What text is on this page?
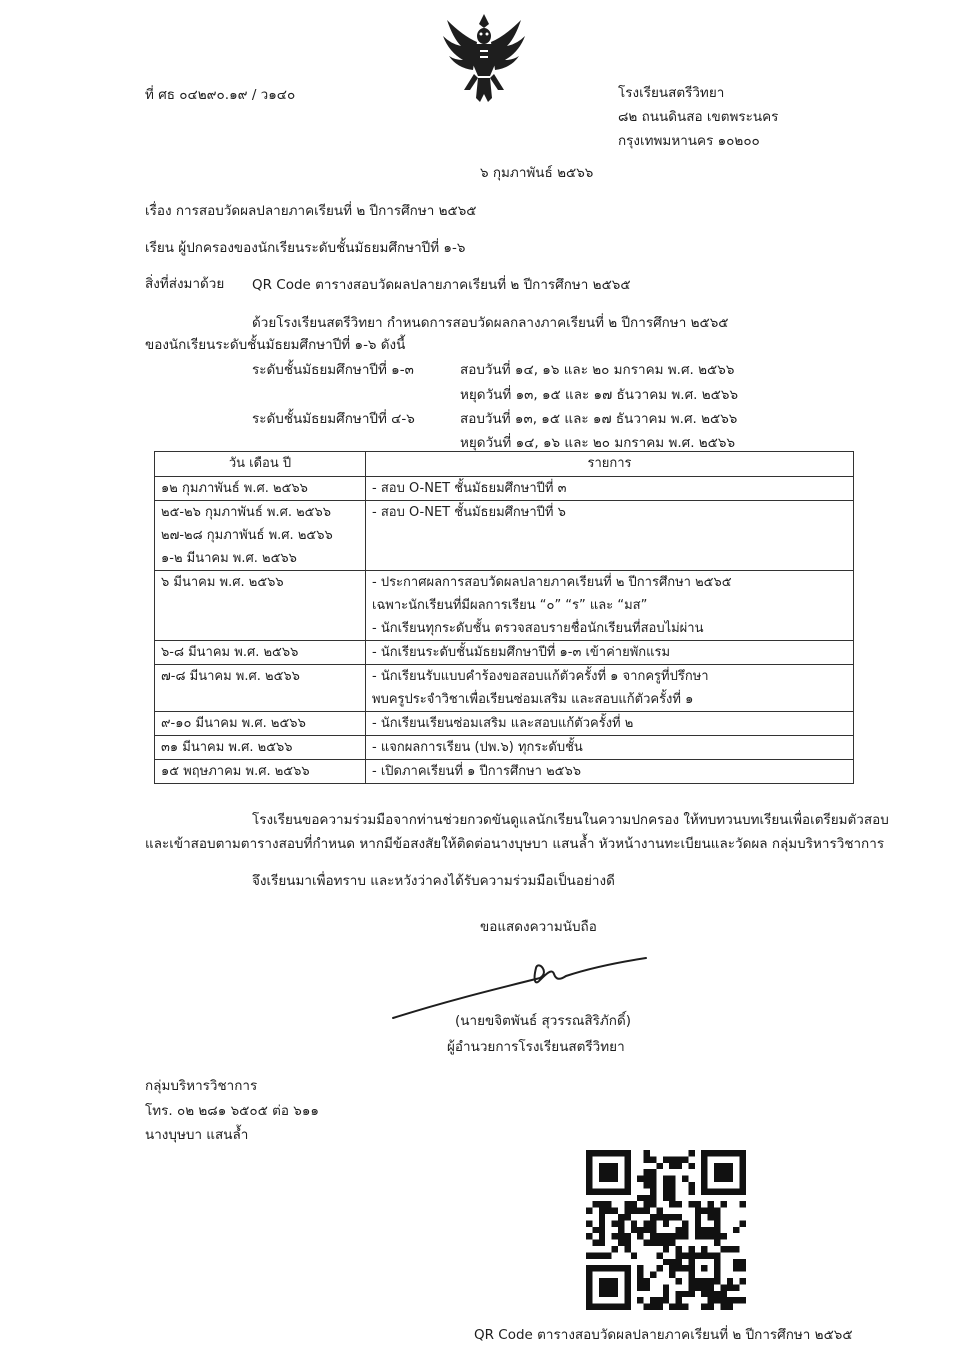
ที่ ศธ ๐๔๒๙๐.๑๙ / ว๑๔๐	โรงเรียนสตรีวิทยา
๘๒ ถนนดินสอ เขตพระนคร
กรุงเทพมหานคร ๑๐๒๐๐
๖ กุมภาพันธ์ ๒๕๖๖
เรื่อง การสอบวัดผลปลายภาคเรียนที่ ๒ ปีการศึกษา ๒๕๖๕
เรียน ผู้ปกครองของนักเรียนระดับชั้นมัธยมศึกษาปีที่ ๑-๖
สิ่งที่ส่งมาด้วย QR Code ตารางสอบวัดผลปลายภาคเรียนที่ ๒ ปีการศึกษา ๒๕๖๕
ด้วยโรงเรียนสตรีวิทยา กำหนดการสอบวัดผลกลางภาคเรียนที่ ๒ ปีการศึกษา ๒๕๖๕
ของนักเรียนระดับชั้นมัธยมศึกษาปีที่ ๑-๖ ดังนี้
ระดับชั้นมัธยมศึกษาปีที่ ๑-๓	สอบวันที่ ๑๔, ๑๖ และ ๒๐ มกราคม พ.ศ. ๒๕๖๖
หยุดวันที่ ๑๓, ๑๕ และ ๑๗ ธันวาคม พ.ศ. ๒๕๖๖
ระดับชั้นมัธยมศึกษาปีที่ ๔-๖	สอบวันที่ ๑๓, ๑๕ และ ๑๗ ธันวาคม พ.ศ. ๒๕๖๖
หยุดวันที่ ๑๔, ๑๖ และ ๒๐ มกราคม พ.ศ. ๒๕๖๖
วัน เดือน ปี	รายการ

๑๒ กุมภาพันธ์ พ.ศ. ๒๕๖๖	- สอบ O-NET ชั้นมัธยมศึกษาปีที่ ๓

๒๕-๒๖ กุมภาพันธ์ พ.ศ. ๒๕๖๖
๒๗-๒๘ กุมภาพันธ์ พ.ศ. ๒๕๖๖
๑-๒ มีนาคม พ.ศ. ๒๕๖๖	- สอบ O-NET ชั้นมัธยมศึกษาปีที่ ๖

๖ มีนาคม พ.ศ. ๒๕๖๖	- ประกาศผลการสอบวัดผลปลายภาคเรียนที่ ๒ ปีการศึกษา ๒๕๖๕
เฉพาะนักเรียนที่มีผลการเรียน “๐” “ร” และ “มส”
- นักเรียนทุกระดับชั้น ตรวจสอบรายชื่อนักเรียนที่สอบไม่ผ่าน

๖-๘ มีนาคม พ.ศ. ๒๕๖๖	- นักเรียนระดับชั้นมัธยมศึกษาปีที่ ๑-๓ เข้าค่ายพักแรม

๗-๘ มีนาคม พ.ศ. ๒๕๖๖	- นักเรียนรับแบบคำร้องขอสอบแก้ตัวครั้งที่ ๑ จากครูที่ปรึกษา
พบครูประจำวิชาเพื่อเรียนซ่อมเสริม และสอบแก้ตัวครั้งที่ ๑

๙-๑๐ มีนาคม พ.ศ. ๒๕๖๖	- นักเรียนเรียนซ่อมเสริม และสอบแก้ตัวครั้งที่ ๒

๓๑ มีนาคม พ.ศ. ๒๕๖๖	- แจกผลการเรียน (ปพ.๖) ทุกระดับชั้น

๑๕ พฤษภาคม พ.ศ. ๒๕๖๖	- เปิดภาคเรียนที่ ๑ ปีการศึกษา ๒๕๖๖
โรงเรียนขอความร่วมมือจากท่านช่วยกวดขันดูแลนักเรียนในความปกครอง ให้ทบทวนบทเรียนเพื่อเตรียมตัวสอบ
และเข้าสอบตามตารางสอบที่กำหนด หากมีข้อสงสัยให้ติดต่อนางบุษบา แสนล้ำ หัวหน้างานทะเบียนและวัดผล กลุ่มบริหารวิชาการ
จึงเรียนมาเพื่อทราบ และหวังว่าคงได้รับความร่วมมือเป็นอย่างดี
ขอแสดงความนับถือ
(นายขจิตพันธ์ สุวรรณสิริภักดิ์)
ผู้อำนวยการโรงเรียนสตรีวิทยา
กลุ่มบริหารวิชาการ
โทร. ๐๒ ๒๘๑ ๖๕๐๕ ต่อ ๖๑๑
นางบุษบา แสนล้ำ
QR Code ตารางสอบวัดผลปลายภาคเรียนที่ ๒ ปีการศึกษา ๒๕๖๕
